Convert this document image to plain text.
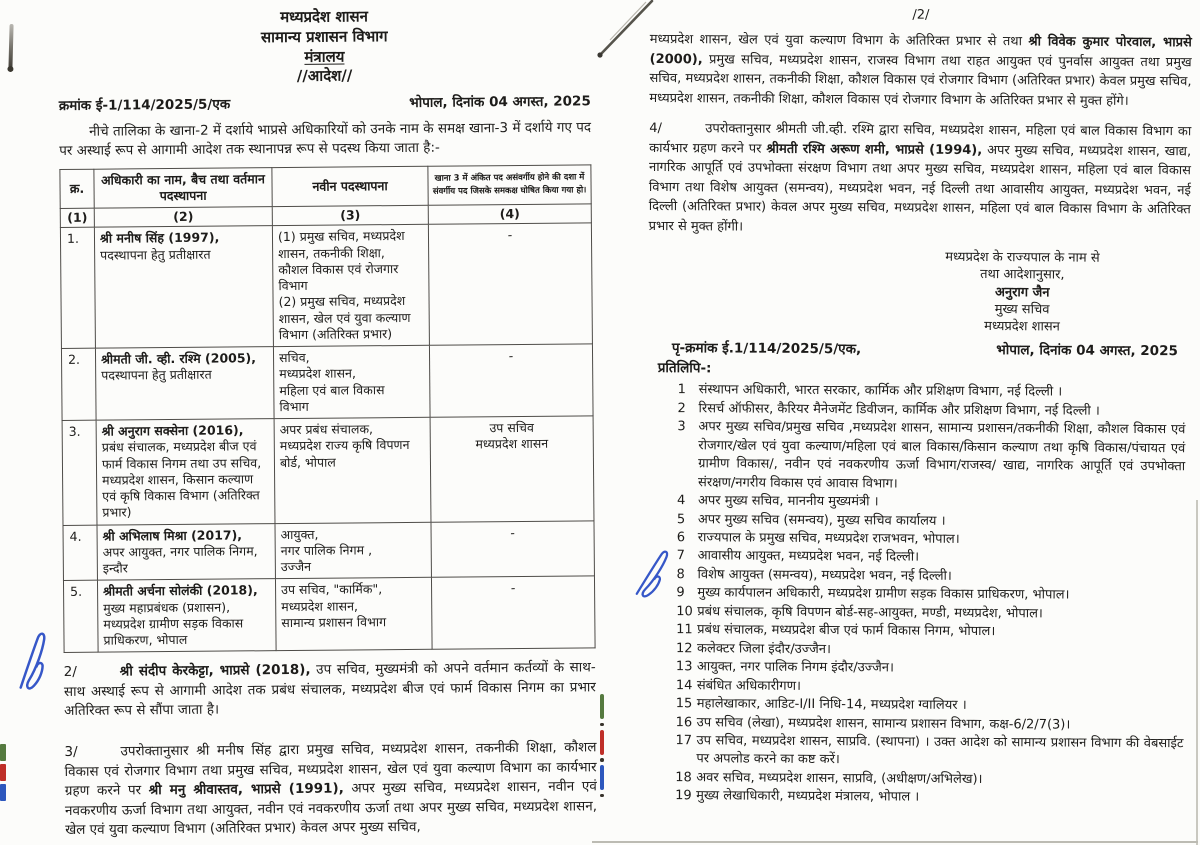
मध्यप्रदेश शासन
सामान्य प्रशासन विभाग
मंत्रालय
//आदेश//
क्रमांक ई-1/114/2025/5/एक	भोपाल, दिनांक 04 अगस्त, 2025

नीचे तालिका के खाना-2 में दर्शाये भाप्रसे अधिकारियों को उनके नाम के समक्ष खाना-3 में दर्शाये गए पद पर अस्थाई रूप से आगामी आदेश तक स्थानापन्न रूप से पदस्थ किया जाता है:-

क्र.	अधिकारी का नाम, बैच तथा वर्तमान पदस्थापना	नवीन पदस्थापना	खाना 3 में अंकित पद असंवर्गीय होने की दशा में संवर्गीय पद जिसके समकक्ष घोषित किया गया हो।
(1)	(2)	(3)	(4)
1.	श्री मनीष सिंह (1997),
पदस्थापना हेतु प्रतीक्षारत	(1) प्रमुख सचिव, मध्यप्रदेश
शासन, तकनीकी शिक्षा,
कौशल विकास एवं रोजगार
विभाग
(2) प्रमुख सचिव, मध्यप्रदेश
शासन, खेल एवं युवा कल्याण
विभाग (अतिरिक्त प्रभार)	-
2.	श्रीमती जी. व्ही. रश्मि (2005),
पदस्थापना हेतु प्रतीक्षारत	सचिव,
मध्यप्रदेश शासन,
महिला एवं बाल विकास
विभाग	-
3.	श्री अनुराग सक्सेना (2016),
प्रबंध संचालक, मध्यप्रदेश बीज एवं फार्म विकास निगम तथा उप सचिव, मध्यप्रदेश शासन, किसान कल्याण एवं कृषि विकास विभाग (अतिरिक्त प्रभार)	अपर प्रबंध संचालक,
मध्यप्रदेश राज्य कृषि विपणन बोर्ड, भोपाल	उप सचिव
मध्यप्रदेश शासन
4.	श्री अभिलाष मिश्रा (2017),
अपर आयुक्त, नगर पालिक निगम, इन्दौर	आयुक्त,
नगर पालिक निगम ,
उज्जैन	-
5.	श्रीमती अर्चना सोलंकी (2018),
मुख्य महाप्रबंधक (प्रशासन), मध्यप्रदेश ग्रामीण सड़क विकास प्राधिकरण, भोपाल	उप सचिव, "कार्मिक",
मध्यप्रदेश शासन,
सामान्य प्रशासन विभाग	-
2/	श्री संदीप केरकेट्टा, भाप्रसे (2018), उप सचिव, मुख्यमंत्री को अपने वर्तमान कर्तव्यों के साथ-साथ अस्थाई रूप से आगामी आदेश तक प्रबंध संचालक, मध्यप्रदेश बीज एवं फार्म विकास निगम का प्रभार अतिरिक्त रूप से सौंपा जाता है।
3/	उपरोक्तानुसार श्री मनीष सिंह द्वारा प्रमुख सचिव, मध्यप्रदेश शासन, तकनीकी शिक्षा, कौशल विकास एवं रोजगार विभाग तथा प्रमुख सचिव, मध्यप्रदेश शासन, खेल एवं युवा कल्याण विभाग का कार्यभार ग्रहण करने पर श्री मनु श्रीवास्तव, भाप्रसे (1991), अपर मुख्य सचिव, मध्यप्रदेश शासन, नवीन एवं नवकरणीय ऊर्जा विभाग तथा आयुक्त, नवीन एवं नवकरणीय ऊर्जा तथा अपर मुख्य सचिव, मध्यप्रदेश शासन, खेल एवं युवा कल्याण विभाग (अतिरिक्त प्रभार) केवल अपर मुख्य सचिव,
/2/

मध्यप्रदेश शासन, खेल एवं युवा कल्याण विभाग के अतिरिक्त प्रभार से तथा श्री विवेक कुमार पोरवाल, भाप्रसे (2000), प्रमुख सचिव, मध्यप्रदेश शासन, राजस्व विभाग तथा राहत आयुक्त एवं पुनर्वास आयुक्त तथा प्रमुख सचिव, मध्यप्रदेश शासन, तकनीकी शिक्षा, कौशल विकास एवं रोजगार विभाग (अतिरिक्त प्रभार) केवल प्रमुख सचिव, मध्यप्रदेश शासन, तकनीकी शिक्षा, कौशल विकास एवं रोजगार विभाग के अतिरिक्त प्रभार से मुक्त होंगे।

4/	उपरोक्तानुसार श्रीमती जी.व्ही. रश्मि द्वारा सचिव, मध्यप्रदेश शासन, महिला एवं बाल विकास विभाग का कार्यभार ग्रहण करने पर श्रीमती रश्मि अरूण शमी, भाप्रसे (1994), अपर मुख्य सचिव, मध्यप्रदेश शासन, खाद्य, नागरिक आपूर्ति एवं उपभोक्ता संरक्षण विभाग तथा अपर मुख्य सचिव, मध्यप्रदेश शासन, महिला एवं बाल विकास विभाग तथा विशेष आयुक्त (समन्वय), मध्यप्रदेश भवन, नई दिल्ली तथा आवासीय आयुक्त, मध्यप्रदेश भवन, नई दिल्ली (अतिरिक्त प्रभार) केवल अपर मुख्य सचिव, मध्यप्रदेश शासन, महिला एवं बाल विकास विभाग के अतिरिक्त प्रभार से मुक्त होंगी।
मध्यप्रदेश के राज्यपाल के नाम से
तथा आदेशानुसार,
अनुराग जैन
मुख्य सचिव
मध्यप्रदेश शासन
पृ-क्रमांक ई.1/114/2025/5/एक,	भोपाल, दिनांक 04 अगस्त, 2025
प्रतिलिपि-:
1 संस्थापन अधिकारी, भारत सरकार, कार्मिक और प्रशिक्षण विभाग, नई दिल्ली ।
2 रिसर्च ऑफीसर, कैरियर मैनेजमेंट डिवीजन, कार्मिक और प्रशिक्षण विभाग, नई दिल्ली ।
3 अपर मुख्य सचिव/प्रमुख सचिव ,मध्यप्रदेश शासन, सामान्य प्रशासन/तकनीकी शिक्षा, कौशल विकास एवं रोजगार/खेल एवं युवा कल्याण/महिला एवं बाल विकास/किसान कल्याण तथा कृषि विकास/पंचायत एवं ग्रामीण विकास/, नवीन एवं नवकरणीय ऊर्जा विभाग/राजस्व/ खाद्य, नागरिक आपूर्ति एवं उपभोक्ता संरक्षण/नगरीय विकास एवं आवास विभाग।
4 अपर मुख्य सचिव, माननीय मुख्यमंत्री ।
5 अपर मुख्य सचिव (समन्वय), मुख्य सचिव कार्यालय ।
6 राज्यपाल के प्रमुख सचिव, मध्यप्रदेश राजभवन, भोपाल।
7 आवासीय आयुक्त, मध्यप्रदेश भवन, नई दिल्ली।
8 विशेष आयुक्त (समन्वय), मध्यप्रदेश भवन, नई दिल्ली।
9 मुख्य कार्यपालन अधिकारी, मध्यप्रदेश ग्रामीण सड़क विकास प्राधिकरण, भोपाल।
10 प्रबंध संचालक, कृषि विपणन बोर्ड-सह-आयुक्त, मण्डी, मध्यप्रदेश, भोपाल।
11 प्रबंध संचालक, मध्यप्रदेश बीज एवं फार्म विकास निगम, भोपाल।
12 कलेक्टर जिला इंदौर/उज्जैन।
13 आयुक्त, नगर पालिक निगम इंदौर/उज्जैन।
14 संबंधित अधिकारीगण।
15 महालेखाकार, आडिट-I/II निधि-14, मध्यप्रदेश ग्वालियर ।
16 उप सचिव (लेखा), मध्यप्रदेश शासन, सामान्य प्रशासन विभाग, कक्ष-6/2/7(3)।
17 उप सचिव, मध्यप्रदेश शासन, साप्रवि. (स्थापना) । उक्त आदेश को सामान्य प्रशासन विभाग की वेबसाईट पर अपलोड करने का कष्ट करें।
18 अवर सचिव, मध्यप्रदेश शासन, साप्रवि, (अधीक्षण/अभिलेख)।
19 मुख्य लेखाधिकारी, मध्यप्रदेश मंत्रालय, भोपाल ।
